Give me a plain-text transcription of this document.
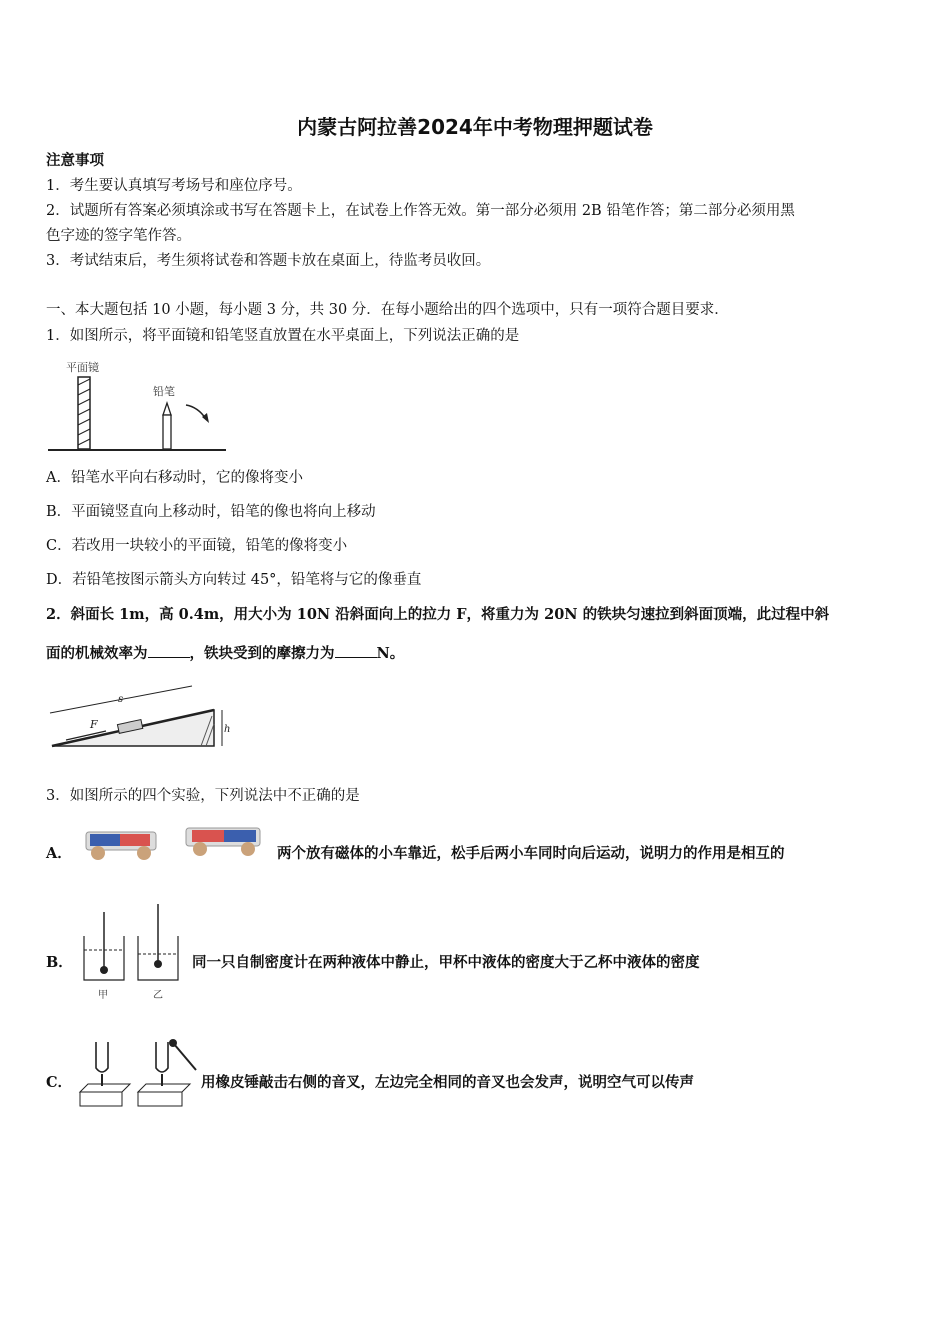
内蒙古阿拉善2024年中考物理押题试卷
注意事项
1．考生要认真填写考场号和座位序号。
2．试题所有答案必须填涂或书写在答题卡上，在试卷上作答无效。第一部分必须用 2B 铅笔作答；第二部分必须用黑
色字迹的签字笔作答。
3．考试结束后，考生须将试卷和答题卡放在桌面上，待监考员收回。
一、本大题包括 10 小题，每小题 3 分，共 30 分．在每小题给出的四个选项中，只有一项符合题目要求．
1．如图所示，将平面镜和铅笔竖直放置在水平桌面上，下列说法正确的是
平面镜
铅笔
A．铅笔水平向右移动时，它的像将变小
B．平面镜竖直向上移动时，铅笔的像也将向上移动
C．若改用一块较小的平面镜，铅笔的像将变小
D．若铅笔按图示箭头方向转过 45°，铅笔将与它的像垂直
2．斜面长 1m，高 0.4m，用大小为 10N 沿斜面向上的拉力 F，将重力为 20N 的铁块匀速拉到斜面顶端，此过程中斜
面的机械效率为	，铁块受到的摩擦力为	N。
s
F	h
3．如图所示的四个实验，下列说法中不正确的是
A．	两个放有磁体的小车靠近，松手后两小车同时向后运动，说明力的作用是相互的
B．
甲	乙
同一只自制密度计在两种液体中静止，甲杯中液体的密度大于乙杯中液体的密度
C．	用橡皮锤敲击右侧的音叉，左边完全相同的音叉也会发声，说明空气可以传声
